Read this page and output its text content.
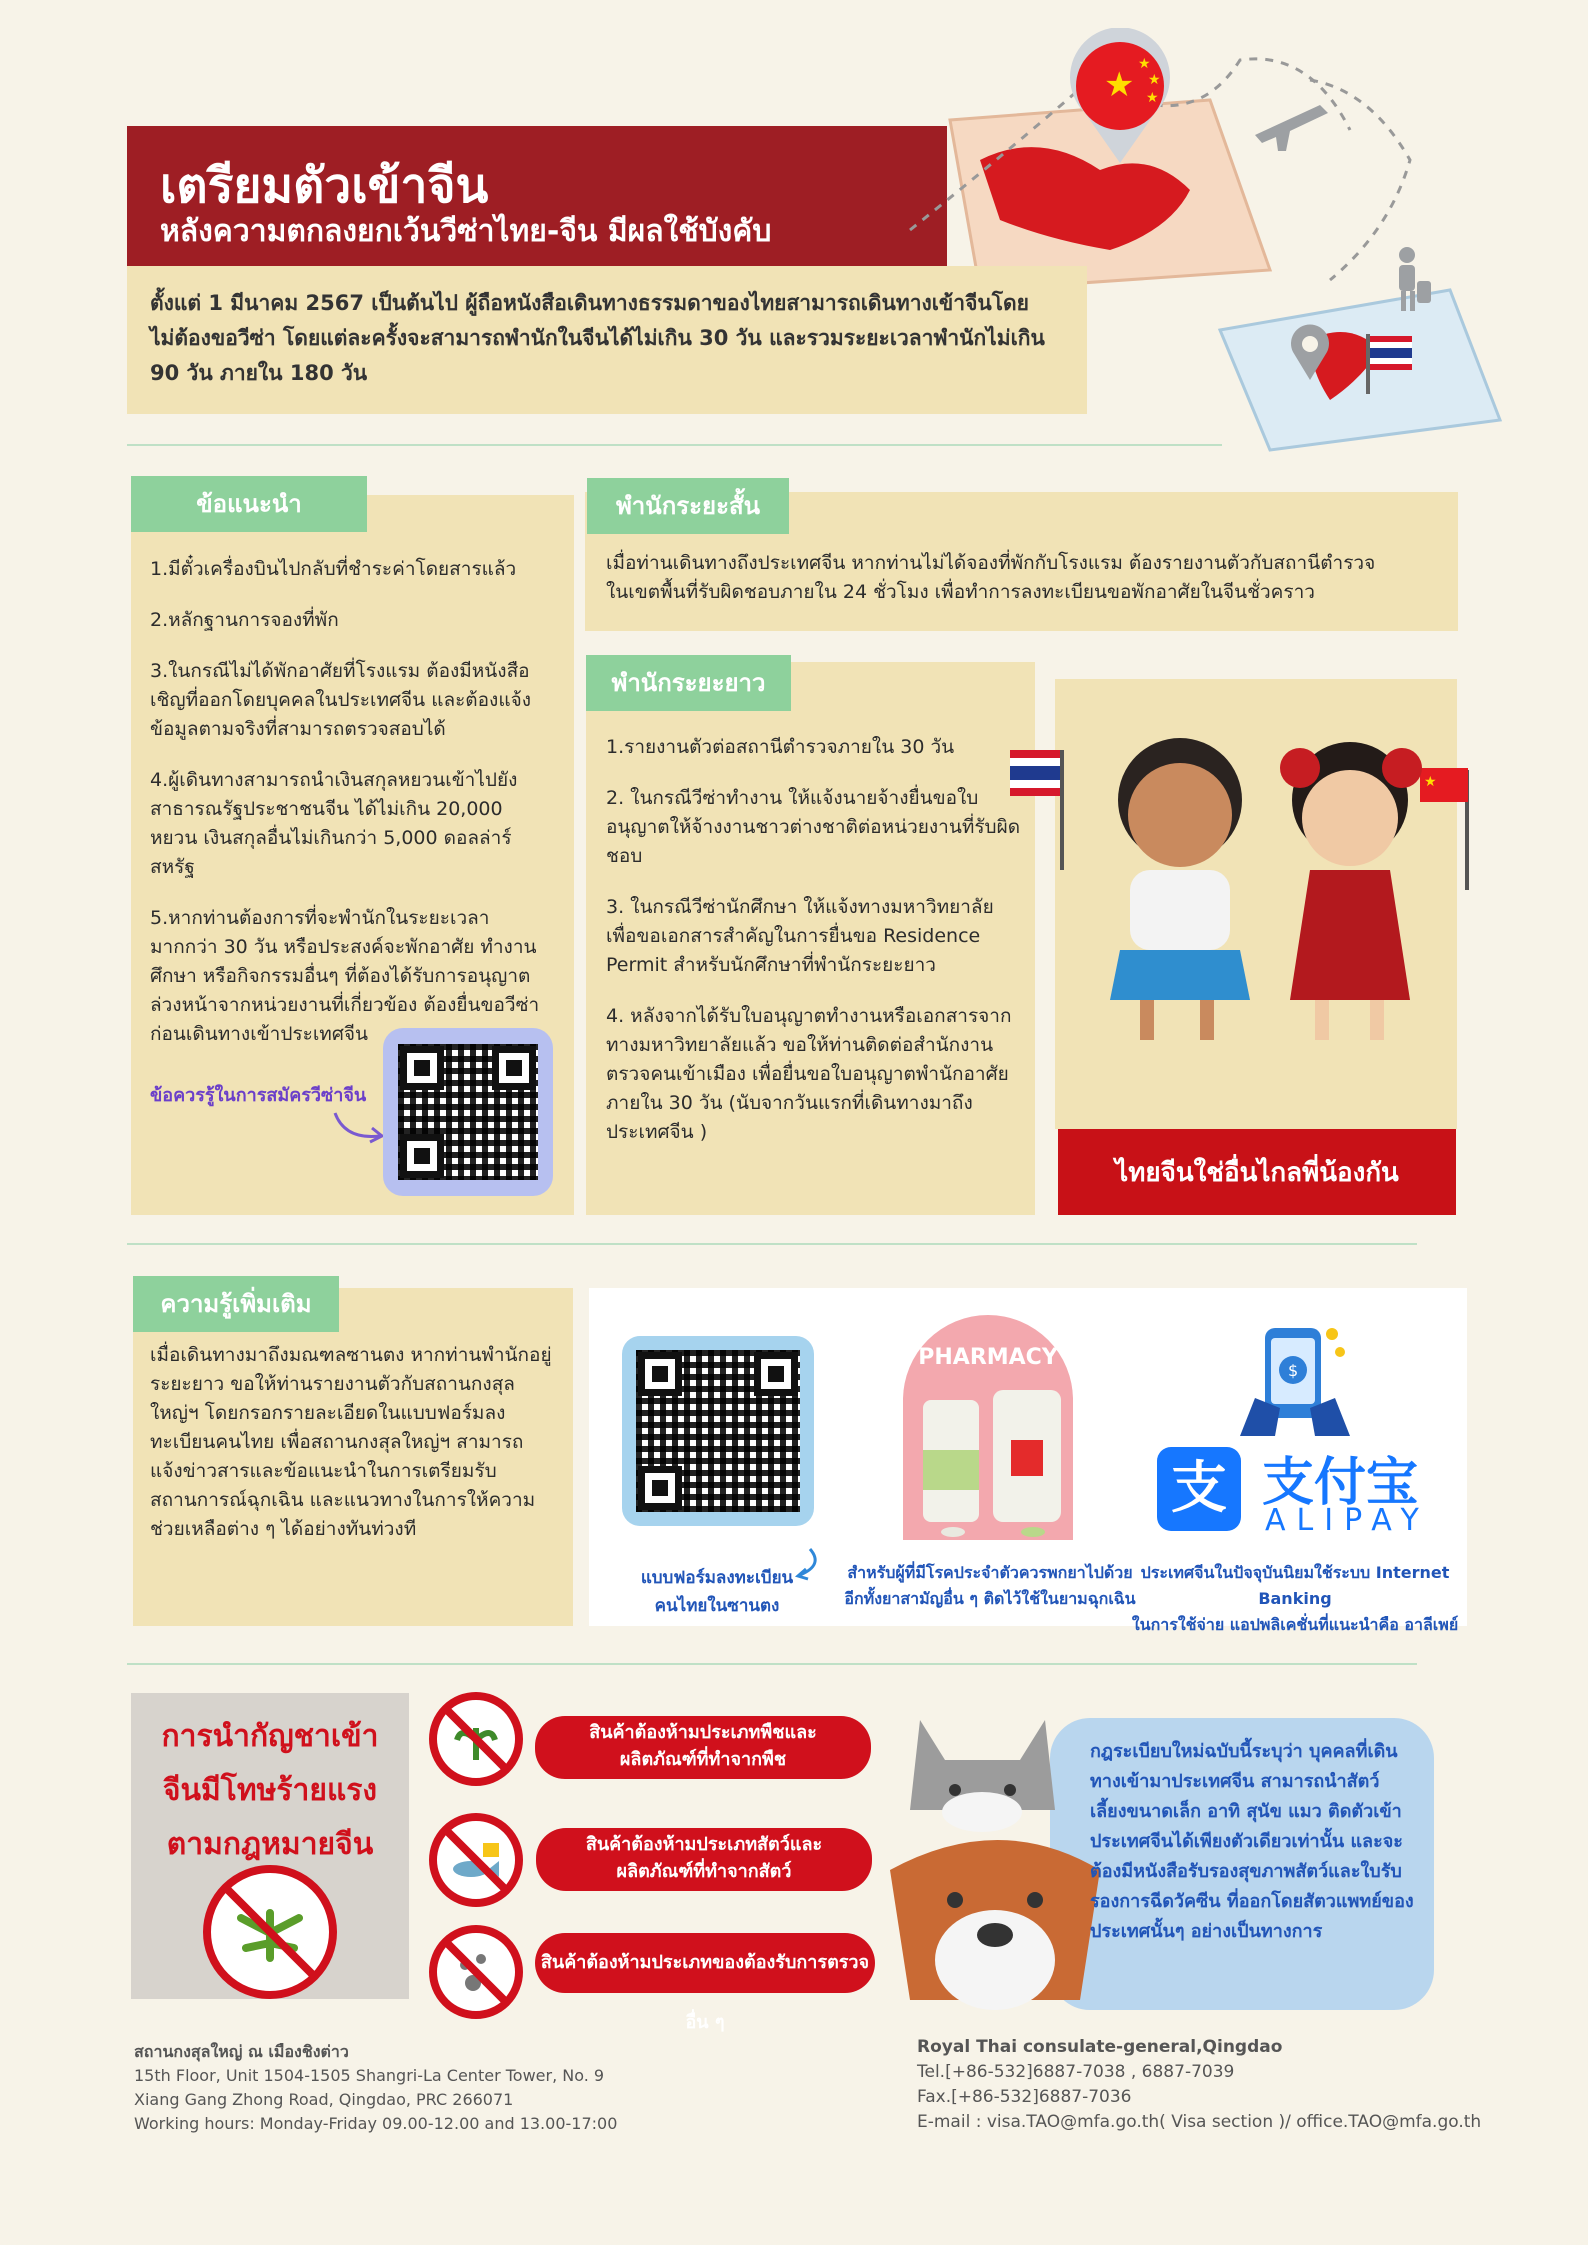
เตรียมตัวเข้าจีน
หลังความตกลงยกเว้นวีซ่าไทย-จีน มีผลใช้บังคับ
★
★
★
★
ตั้งแต่ 1 มีนาคม 2567 เป็นต้นไป ผู้ถือหนังสือเดินทางธรรมดาของไทยสามารถเดินทางเข้าจีนโดยไม่ต้องขอวีซ่า โดยแต่ละครั้งจะสามารถพำนักในจีนได้ไม่เกิน 30 วัน และรวมระยะเวลาพำนักไม่เกิน 90 วัน ภายใน 180 วัน
ข้อแนะนำ

1.มีตั๋วเครื่องบินไปกลับที่ชำระค่าโดยสารแล้ว

2.หลักฐานการจองที่พัก

3.ในกรณีไม่ได้พักอาศัยที่โรงแรม ต้องมีหนังสือเชิญที่ออกโดยบุคคลในประเทศจีน และต้องแจ้งข้อมูลตามจริงที่สามารถตรวจสอบได้

4.ผู้เดินทางสามารถนำเงินสกุลหยวนเข้าไปยังสาธารณรัฐประชาชนจีน ได้ไม่เกิน 20,000 หยวน เงินสกุลอื่นไม่เกินกว่า 5,000 ดอลล่าร์สหรัฐ

5.หากท่านต้องการที่จะพำนักในระยะเวลามากกว่า 30 วัน หรือประสงค์จะพักอาศัย ทำงาน ศึกษา หรือกิจกรรมอื่นๆ ที่ต้องได้รับการอนุญาตล่วงหน้าจากหน่วยงานที่เกี่ยวข้อง ต้องยื่นขอวีซ่าก่อนเดินทางเข้าประเทศจีน

ข้อควรรู้ในการสมัครวีซ่าจีน
พำนักระยะสั้น
เมื่อท่านเดินทางถึงประเทศจีน หากท่านไม่ได้จองที่พักกับโรงแรม ต้องรายงานตัวกับสถานีตำรวจในเขตพื้นที่รับผิดชอบภายใน 24 ชั่วโมง เพื่อทำการลงทะเบียนขอพักอาศัยในจีนชั่วคราว
พำนักระยะยาว

1.รายงานตัวต่อสถานีตำรวจภายใน 30 วัน

2. ในกรณีวีซ่าทำงาน ให้แจ้งนายจ้างยื่นขอใบอนุญาตให้จ้างงานชาวต่างชาติต่อหน่วยงานที่รับผิดชอบ

3. ในกรณีวีซ่านักศึกษา ให้แจ้งทางมหาวิทยาลัยเพื่อขอเอกสารสำคัญในการยื่นขอ Residence Permit สำหรับนักศึกษาที่พำนักระยะยาว

4. หลังจากได้รับใบอนุญาตทำงานหรือเอกสารจากทางมหาวิทยาลัยแล้ว ขอให้ท่านติดต่อสำนักงานตรวจคนเข้าเมือง เพื่อยื่นขอใบอนุญาตพำนักอาศัย ภายใน 30 วัน (นับจากวันแรกที่เดินทางมาถึงประเทศจีน )

★
ไทยจีนใช่อื่นไกลพี่น้องกัน
ความรู้เพิ่มเติม
เมื่อเดินทางมาถึงมณฑลซานตง หากท่านพำนักอยู่ระยะยาว ขอให้ท่านรายงานตัวกับสถานกงสุลใหญ่ฯ โดยกรอกรายละเอียดในแบบฟอร์มลงทะเบียนคนไทย เพื่อสถานกงสุลใหญ่ฯ สามารถแจ้งข่าวสารและข้อแนะนำในการเตรียมรับสถานการณ์ฉุกเฉิน และแนวทางในการให้ความช่วยเหลือต่าง ๆ ได้อย่างทันท่วงที
แบบฟอร์มลงทะเบียน
คนไทยในซานตง
PHARMACY
สำหรับผู้ที่มีโรคประจำตัวควรพกยาไปด้วย
อีกทั้งยาสามัญอื่น ๆ ติดไว้ใช้ในยามฉุกเฉิน
$
支 支付宝
ALIPAY
ประเทศจีนในปัจจุบันนิยมใช้ระบบ Internet Banking
ในการใช้จ่าย แอปพลิเคชั่นที่แนะนำคือ อาลีเพย์
การนำกัญชาเข้า
จีนมีโทษร้ายแรง
ตามกฎหมายจีน
สินค้าต้องห้ามประเภทพืชและ
ผลิตภัณฑ์ที่ทำจากพืช
สินค้าต้องห้ามประเภทสัตว์และ
ผลิตภัณฑ์ที่ทำจากสัตว์
สินค้าต้องห้ามประเภทของต้องรับการตรวจอื่น ๆ
กฎระเบียบใหม่ฉบับนี้ระบุว่า บุคคลที่เดินทางเข้ามาประเทศจีน สามารถนำสัตว์เลี้ยงขนาดเล็ก อาทิ สุนัข แมว ติดตัวเข้าประเทศจีนได้เพียงตัวเดียวเท่านั้น และจะต้องมีหนังสือรับรองสุขภาพสัตว์และใบรับรองการฉีดวัคซีน ที่ออกโดยสัตวแพทย์ของประเทศนั้นๆ อย่างเป็นทางการ
สถานกงสุลใหญ่ ณ เมืองชิงต่าว
15th Floor, Unit 1504-1505 Shangri-La Center Tower, No. 9
Xiang Gang Zhong Road, Qingdao, PRC 266071
Working hours: Monday-Friday 09.00-12.00 and 13.00-17:00
Royal Thai consulate-general,Qingdao
Tel.[+86-532]6887-7038 , 6887-7039
Fax.[+86-532]6887-7036
E-mail : visa.TAO@mfa.go.th( Visa section )/ office.TAO@mfa.go.th
